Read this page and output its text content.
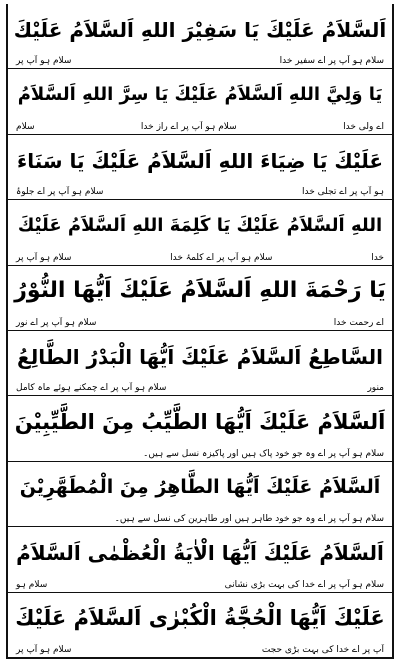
اَلسَّلاَمُ عَلَيْكَ يَا سَفِيْرَ اللهِ اَلسَّلاَمُ عَلَيْكَ
سلام ہو آپ پر اے سفیر خدا
سلام ہو آپ پر
يَا وَلِيَّ اللهِ اَلسَّلاَمُ عَلَيْكَ يَا سِرَّ اللهِ اَلسَّلاَمُ
اے ولی خدا
سلام ہو آپ پر اے راز خدا
سلام
عَلَيْكَ يَا ضِيَاءَ اللهِ اَلسَّلاَمُ عَلَيْكَ يَا سَنَاءَ
ہو آپ پر اے تجلی خدا
سلام ہو آپ پر اے جلوۂ
اللهِ اَلسَّلاَمُ عَلَيْكَ يَا كَلِمَةَ اللهِ اَلسَّلاَمُ عَلَيْكَ
خدا
سلام ہو آپ پر اے کلمۂ خدا
سلام ہو آپ پر
يَا رَحْمَةَ اللهِ اَلسَّلاَمُ عَلَيْكَ اَيُّهَا النُّوْرُ
اے رحمت خدا
سلام ہو آپ پر اے نور
السَّاطِعُ اَلسَّلاَمُ عَلَيْكَ اَيُّهَا الْبَدْرُ الطَّالِعُ
منور
سلام ہو آپ پر اے چمکنے ہوئے ماہ کامل
اَلسَّلاَمُ عَلَيْكَ اَيُّهَا الطَّيِّبُ مِنَ الطَّيِّبِيْنَ
سلام ہو آپ پر اے وہ جو خود پاک ہیں اور پاکیزہ نسل سے ہیں۔
اَلسَّلاَمُ عَلَيْكَ اَيُّهَا الطَّاهِرُ مِنَ الْمُطَهَّرِيْنَ
سلام ہو آپ پر اے وہ جو خود طاہر ہیں اور طاہرین کی نسل سے ہیں۔
اَلسَّلاَمُ عَلَيْكَ اَيُّهَا الْاٰيَةُ الْعُظْمٰى اَلسَّلاَمُ
سلام ہو آپ پر اے خدا کی بہت بڑی نشانی
سلام ہو
عَلَيْكَ اَيُّهَا الْحُجَّةُ الْكُبْرٰى اَلسَّلاَمُ عَلَيْكَ
آپ پر اے خدا کی بہت بڑی حجت
سلام ہو آپ پر
